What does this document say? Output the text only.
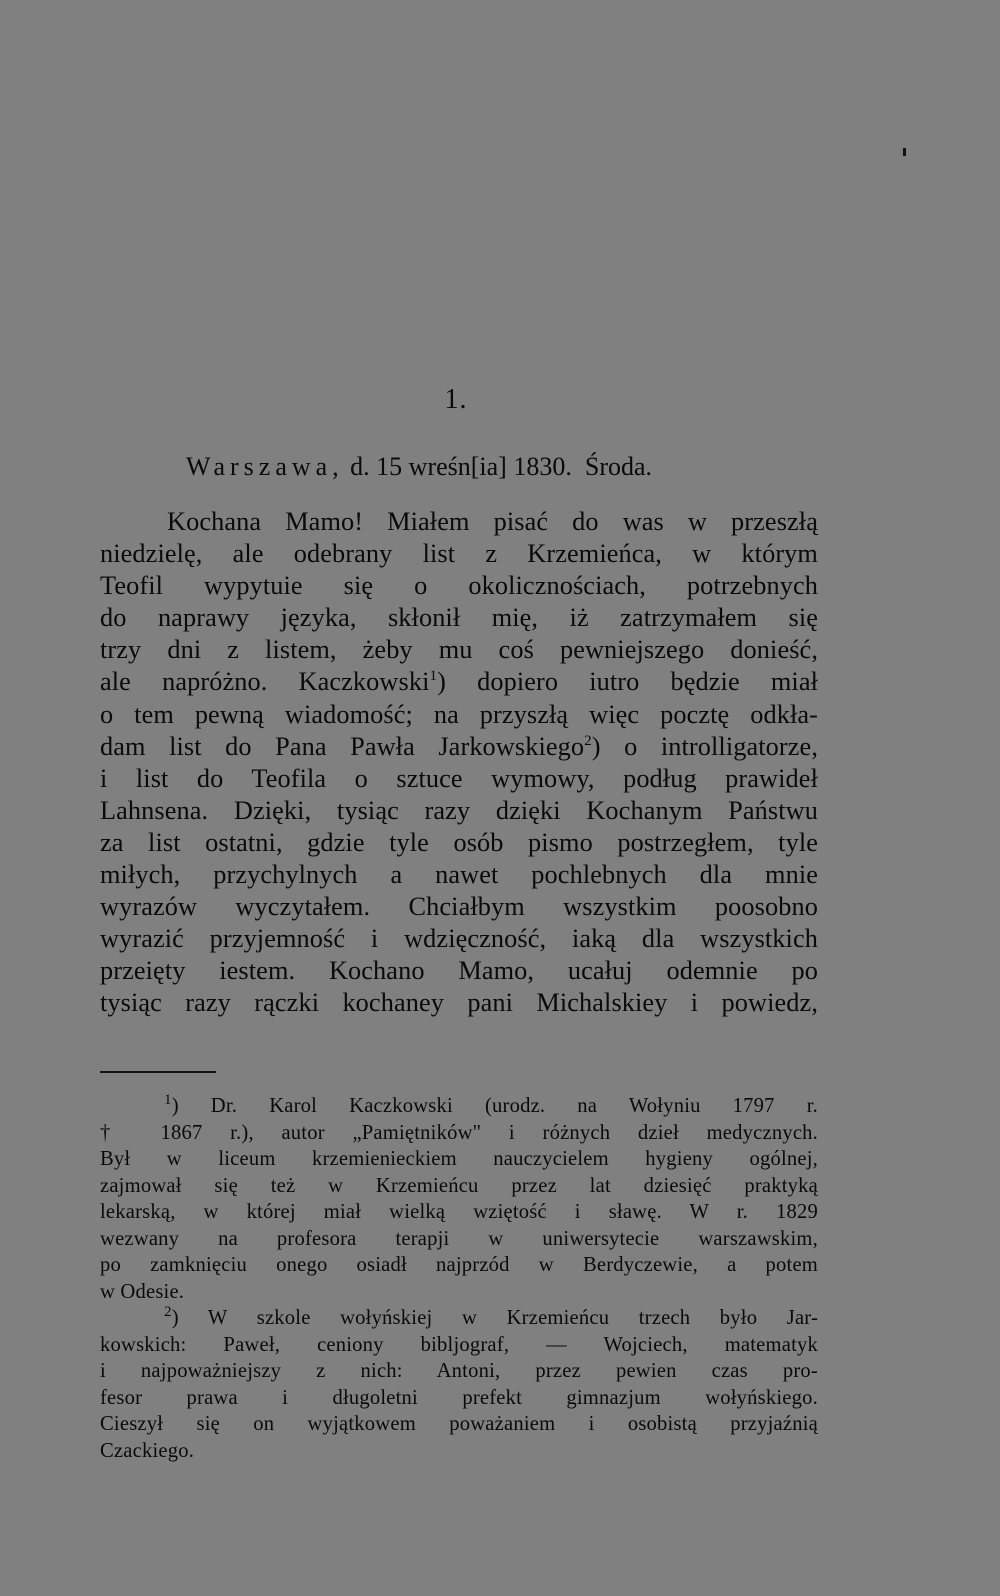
1.
Warszawa, d. 15 wreśn[ia] 1830. Środa.
Kochana Mamo! Miałem pisać do was w przeszłą
niedzielę, ale odebrany list z Krzemieńca, w którym
Teofil wypytuie się o okolicznościach, potrzebnych
do naprawy języka, skłonił mię, iż zatrzymałem się
trzy dni z listem, żeby mu coś pewniejszego donieść,
ale napróżno. Kaczkowski$^1$) dopiero iutro będzie miał
o tem pewną wiadomość; na przyszłą więc pocztę odkła-
dam list do Pana Pawła Jarkowskiego$^2$) o introlligatorze,
i list do Teofila o sztuce wymowy, podług prawideł
Lahnsena. Dzięki, tysiąc razy dzięki Kochanym Państwu
za list ostatni, gdzie tyle osób pismo postrzegłem, tyle
miłych, przychylnych a nawet pochlebnych dla mnie
wyrazów wyczytałem. Chciałbym wszystkim poosobno
wyrazić przyjemność i wdzięczność, iaką dla wszystkich
przeięty iestem. Kochano Mamo, ucałuj odemnie po
tysiąc razy rączki kochaney pani Michalskiey i powiedz,
$^1$) Dr. Karol Kaczkowski (urodz. na Wołyniu 1797 r.
† 1867 r.), autor „Pamiętników" i różnych dzieł medycznych.
Był w liceum krzemienieckiem nauczycielem hygieny ogólnej,
zajmował się też w Krzemieńcu przez lat dziesięć praktyką
lekarską, w której miał wielką wziętość i sławę. W r. 1829
wezwany na profesora terapji w uniwersytecie warszawskim,
po zamknięciu onego osiadł najprzód w Berdyczewie, a potem
w Odesie.
$^2$) W szkole wołyńskiej w Krzemieńcu trzech było Jar-
kowskich: Paweł, ceniony bibljograf, — Wojciech, matematyk
i najpoważniejszy z nich: Antoni, przez pewien czas pro-
fesor prawa i długoletni prefekt gimnazjum wołyńskiego.
Cieszył się on wyjątkowem poważaniem i osobistą przyjaźnią
Czackiego.
